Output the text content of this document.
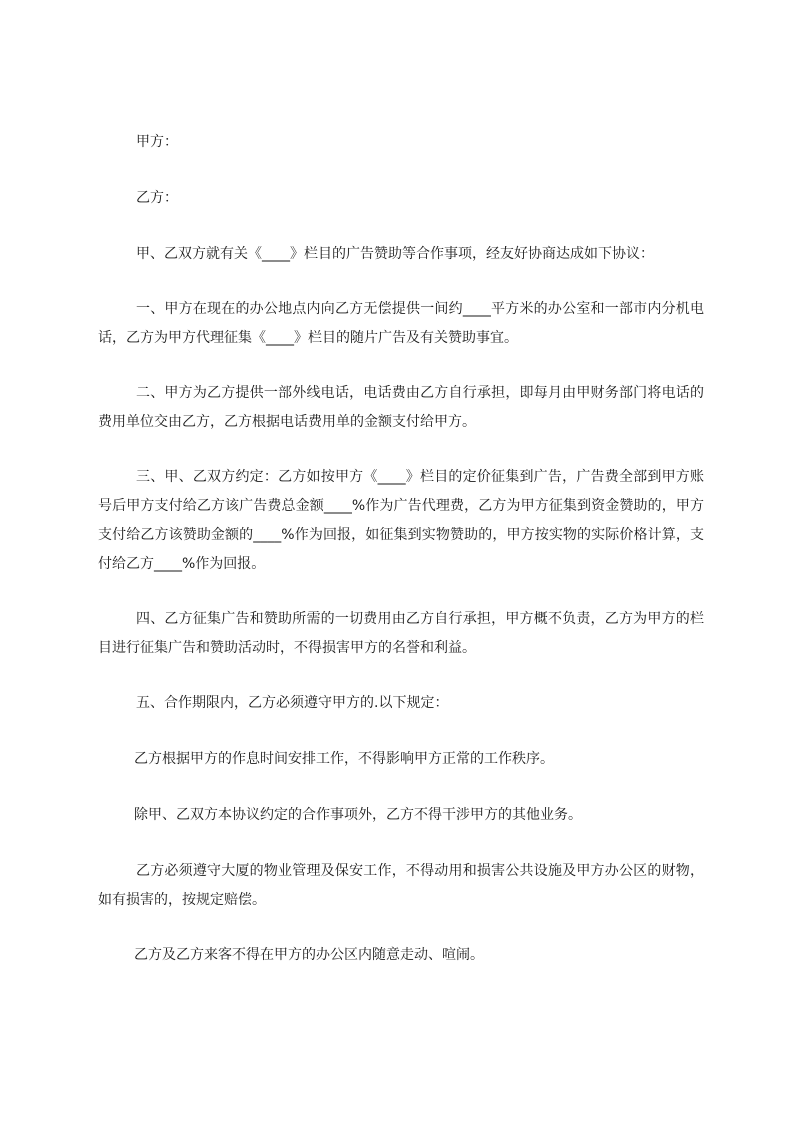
甲方：

乙方：

甲、乙双方就有关《____》栏目的广告赞助等合作事项，经友好协商达成如下协议：

一、甲方在现在的办公地点内向乙方无偿提供一间约____平方米的办公室和一部市内分机电话，乙方为甲方代理征集《____》栏目的随片广告及有关赞助事宜。

二、甲方为乙方提供一部外线电话，电话费由乙方自行承担，即每月由甲财务部门将电话的费用单位交由乙方，乙方根据电话费用单的金额支付给甲方。

三、甲、乙双方约定：乙方如按甲方《____》栏目的定价征集到广告，广告费全部到甲方账号后甲方支付给乙方该广告费总金额____%作为广告代理费，乙方为甲方征集到资金赞助的，甲方支付给乙方该赞助金额的____%作为回报，如征集到实物赞助的，甲方按实物的实际价格计算，支付给乙方____%作为回报。

四、乙方征集广告和赞助所需的一切费用由乙方自行承担，甲方概不负责，乙方为甲方的栏目进行征集广告和赞助活动时，不得损害甲方的名誉和利益。

五、合作期限内，乙方必须遵守甲方的.以下规定：

乙方根据甲方的作息时间安排工作，不得影响甲方正常的工作秩序。

除甲、乙双方本协议约定的合作事项外，乙方不得干涉甲方的其他业务。

乙方必须遵守大厦的物业管理及保安工作，不得动用和损害公共设施及甲方办公区的财物，如有损害的，按规定赔偿。

乙方及乙方来客不得在甲方的办公区内随意走动、喧闹。
